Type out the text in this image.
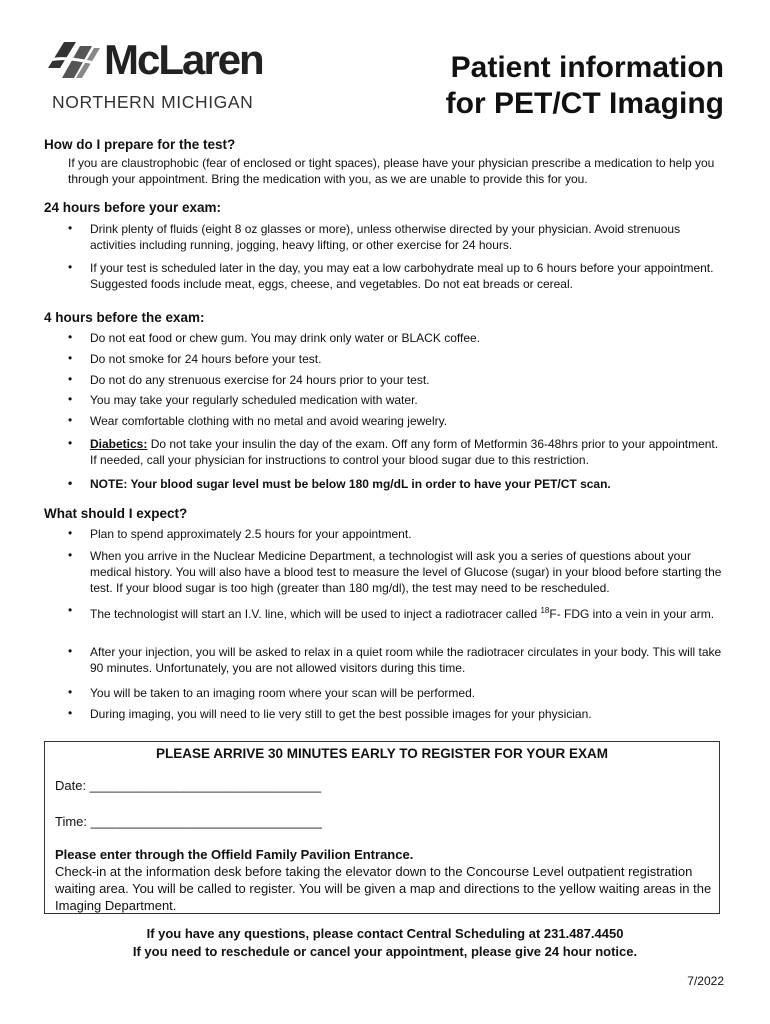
McLaren
NORTHERN MICHIGAN
Patient information
for PET/CT Imaging
How do I prepare for the test?
If you are claustrophobic (fear of enclosed or tight spaces), please have your physician prescribe a medication to help you through your appointment. Bring the medication with you, as we are unable to provide this for you.
24 hours before your exam:
• Drink plenty of fluids (eight 8 oz glasses or more), unless otherwise directed by your physician. Avoid strenuous activities including running, jogging, heavy lifting, or other exercise for 24 hours.
• If your test is scheduled later in the day, you may eat a low carbohydrate meal up to 6 hours before your appointment. Suggested foods include meat, eggs, cheese, and vegetables. Do not eat breads or cereal.
4 hours before the exam:
• Do not eat food or chew gum. You may drink only water or BLACK coffee.
• Do not smoke for 24 hours before your test.
• Do not do any strenuous exercise for 24 hours prior to your test.
• You may take your regularly scheduled medication with water.
• Wear comfortable clothing with no metal and avoid wearing jewelry.
• Diabetics: Do not take your insulin the day of the exam. Off any form of Metformin 36-48hrs prior to your appointment. If needed, call your physician for instructions to control your blood sugar due to this restriction.
• NOTE: Your blood sugar level must be below 180 mg/dL in order to have your PET/CT scan.
What should I expect?
• Plan to spend approximately 2.5 hours for your appointment.
• When you arrive in the Nuclear Medicine Department, a technologist will ask you a series of questions about your medical history. You will also have a blood test to measure the level of Glucose (sugar) in your blood before starting the test. If your blood sugar is too high (greater than 180 mg/dl), the test may need to be rescheduled.
• The technologist will start an I.V. line, which will be used to inject a radiotracer called $^{18}$F- FDG into a vein in your arm.
• After your injection, you will be asked to relax in a quiet room while the radiotracer circulates in your body. This will take 90 minutes. Unfortunately, you are not allowed visitors during this time.
• You will be taken to an imaging room where your scan will be performed.
• During imaging, you will need to lie very still to get the best possible images for your physician.
PLEASE ARRIVE 30 MINUTES EARLY TO REGISTER FOR YOUR EXAM
Date: ________________________________
Time: ________________________________
Please enter through the Offield Family Pavilion Entrance.
Check-in at the information desk before taking the elevator down to the Concourse Level outpatient registration waiting area. You will be called to register. You will be given a map and directions to the yellow waiting areas in the Imaging Department.
If you have any questions, please contact Central Scheduling at 231.487.4450
If you need to reschedule or cancel your appointment, please give 24 hour notice.
7/2022
